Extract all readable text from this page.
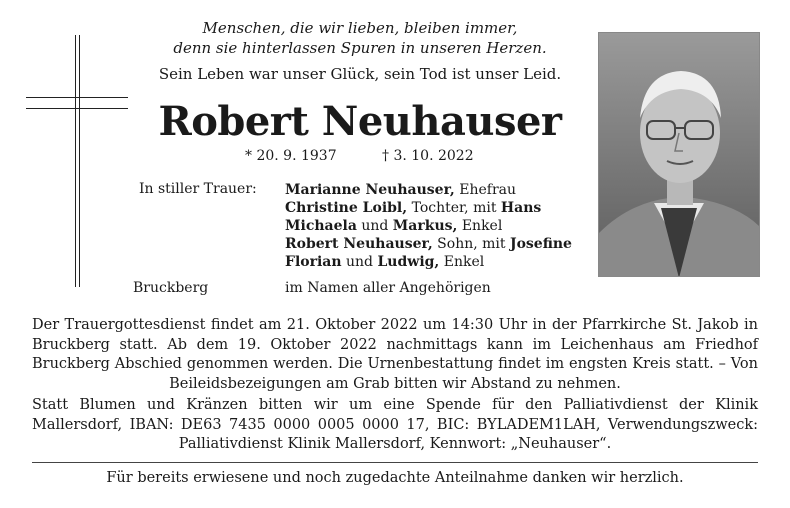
Menschen, die wir lieben, bleiben immer,
denn sie hinterlassen Spuren in unseren Herzen.
Sein Leben war unser Glück, sein Tod ist unser Leid.
Robert Neuhauser
* 20. 9. 1937	† 3. 10. 2022
In stiller Trauer: Marianne Neuhauser, Ehefrau
Christine Loibl, Tochter, mit Hans
Michaela und Markus, Enkel
Robert Neuhauser, Sohn, mit Josefine
Florian und Ludwig, Enkel
Bruckberg	im Namen aller Angehörigen
Der Trauergottesdienst findet am 21. Oktober 2022 um 14:30 Uhr in der Pfarrkirche St. Jakob in Bruckberg statt. Ab dem 19. Oktober 2022 nachmittags kann im Leichenhaus am Friedhof Bruckberg Abschied genommen werden. Die Urnenbestattung findet im engsten Kreis statt. – Von Beileidsbezeigungen am Grab bitten wir Abstand zu nehmen.
Statt Blumen und Kränzen bitten wir um eine Spende für den Palliativdienst der Klinik Mallersdorf, IBAN: DE63 7435 0000 0005 0000 17, BIC: BYLADEM1LAH, Verwendungszweck: Palliativdienst Klinik Mallersdorf, Kennwort: „Neuhauser“.
Für bereits erwiesene und noch zugedachte Anteilnahme danken wir herzlich.
